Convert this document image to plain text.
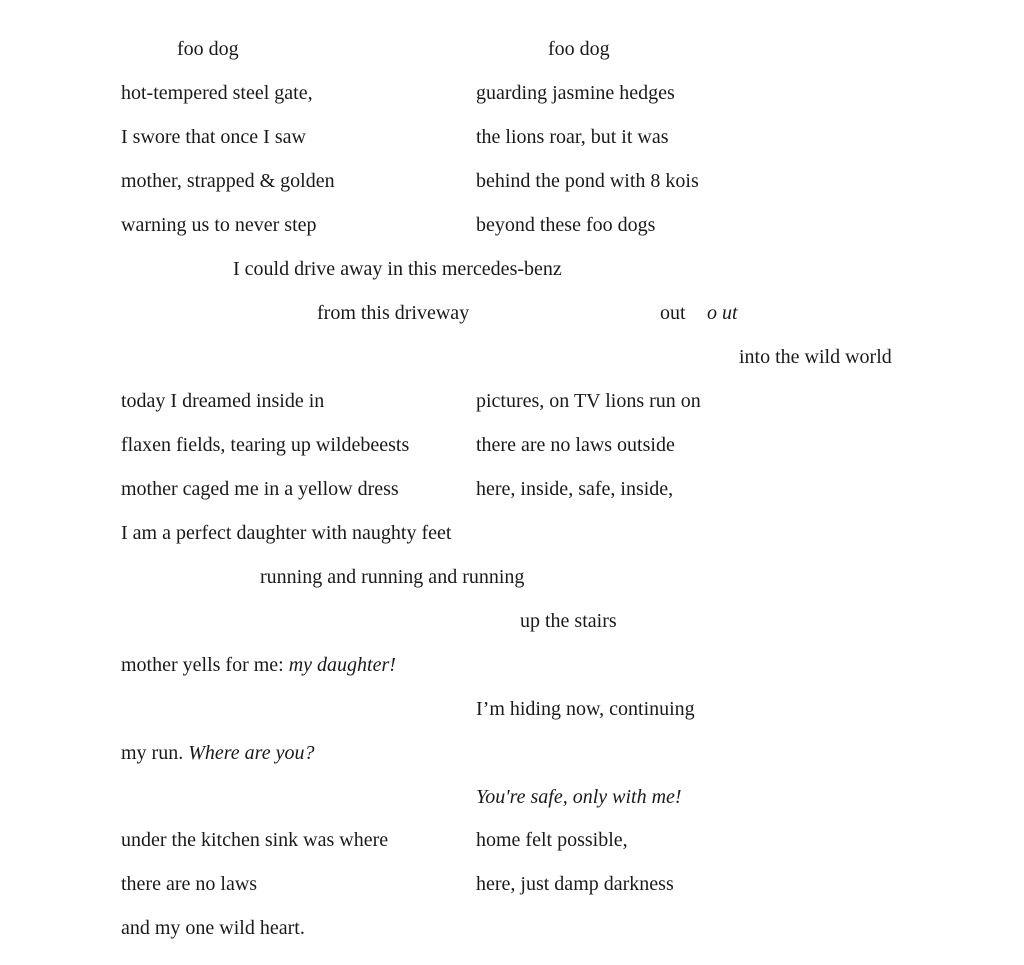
foo dog	foo dog
hot-tempered steel gate,	guarding jasmine hedges
I swore that once I saw	the lions roar, but it was
mother, strapped & golden	behind the pond with 8 kois
warning us to never step	beyond these foo dogs
I could drive away in this mercedes-benz
from this driveway	out o ut
into the wild world
today I dreamed inside in	pictures, on TV lions run on
flaxen fields, tearing up wildebeests	there are no laws outside
mother caged me in a yellow dress	here, inside, safe, inside,
I am a perfect daughter with naughty feet
running and running and running
up the stairs
mother yells for me: my daughter!
I’m hiding now, continuing
my run. Where are you?
You're safe, only with me!
under the kitchen sink was where	home felt possible,
there are no laws	here, just damp darkness
and my one wild heart.
